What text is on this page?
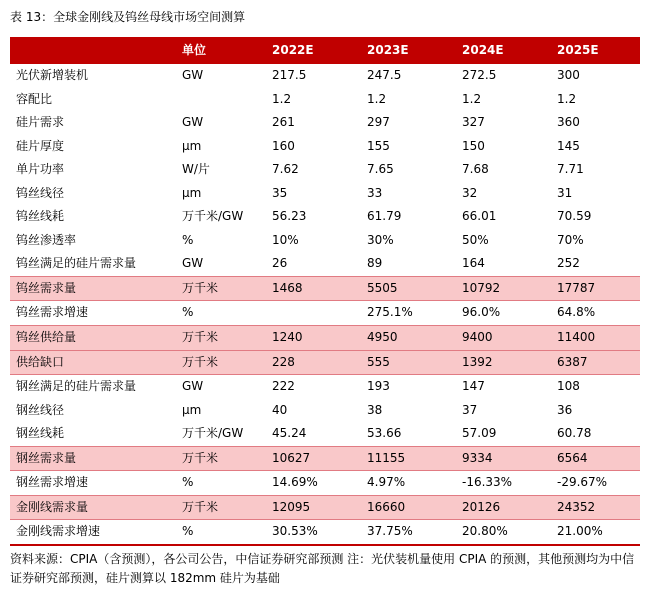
表 13：全球金刚线及钨丝母线市场空间测算
	单位	2022E	2023E	2024E	2025E
光伏新增装机	GW	217.5	247.5	272.5	300
容配比		1.2	1.2	1.2	1.2
硅片需求	GW	261	297	327	360
硅片厚度	μm	160	155	150	145
单片功率	W/片	7.62	7.65	7.68	7.71
钨丝线径	μm	35	33	32	31
钨丝线耗	万千米/GW	56.23	61.79	66.01	70.59
钨丝渗透率	%	10%	30%	50%	70%
钨丝满足的硅片需求量	GW	26	89	164	252
钨丝需求量	万千米	1468	5505	10792	17787
钨丝需求增速	%		275.1%	96.0%	64.8%
钨丝供给量	万千米	1240	4950	9400	11400
供给缺口	万千米	228	555	1392	6387
钢丝满足的硅片需求量	GW	222	193	147	108
钢丝线径	μm	40	38	37	36
钢丝线耗	万千米/GW	45.24	53.66	57.09	60.78
钢丝需求量	万千米	10627	11155	9334	6564
钢丝需求增速	%	14.69%	4.97%	-16.33%	-29.67%
金刚线需求量	万千米	12095	16660	20126	24352
金刚线需求增速	%	30.53%	37.75%	20.80%	21.00%
资料来源：CPIA（含预测），各公司公告，中信证券研究部预测 注：光伏装机量使用 CPIA 的预测，其他预测均为中信证券研究部预测，硅片测算以 182mm 硅片为基础
